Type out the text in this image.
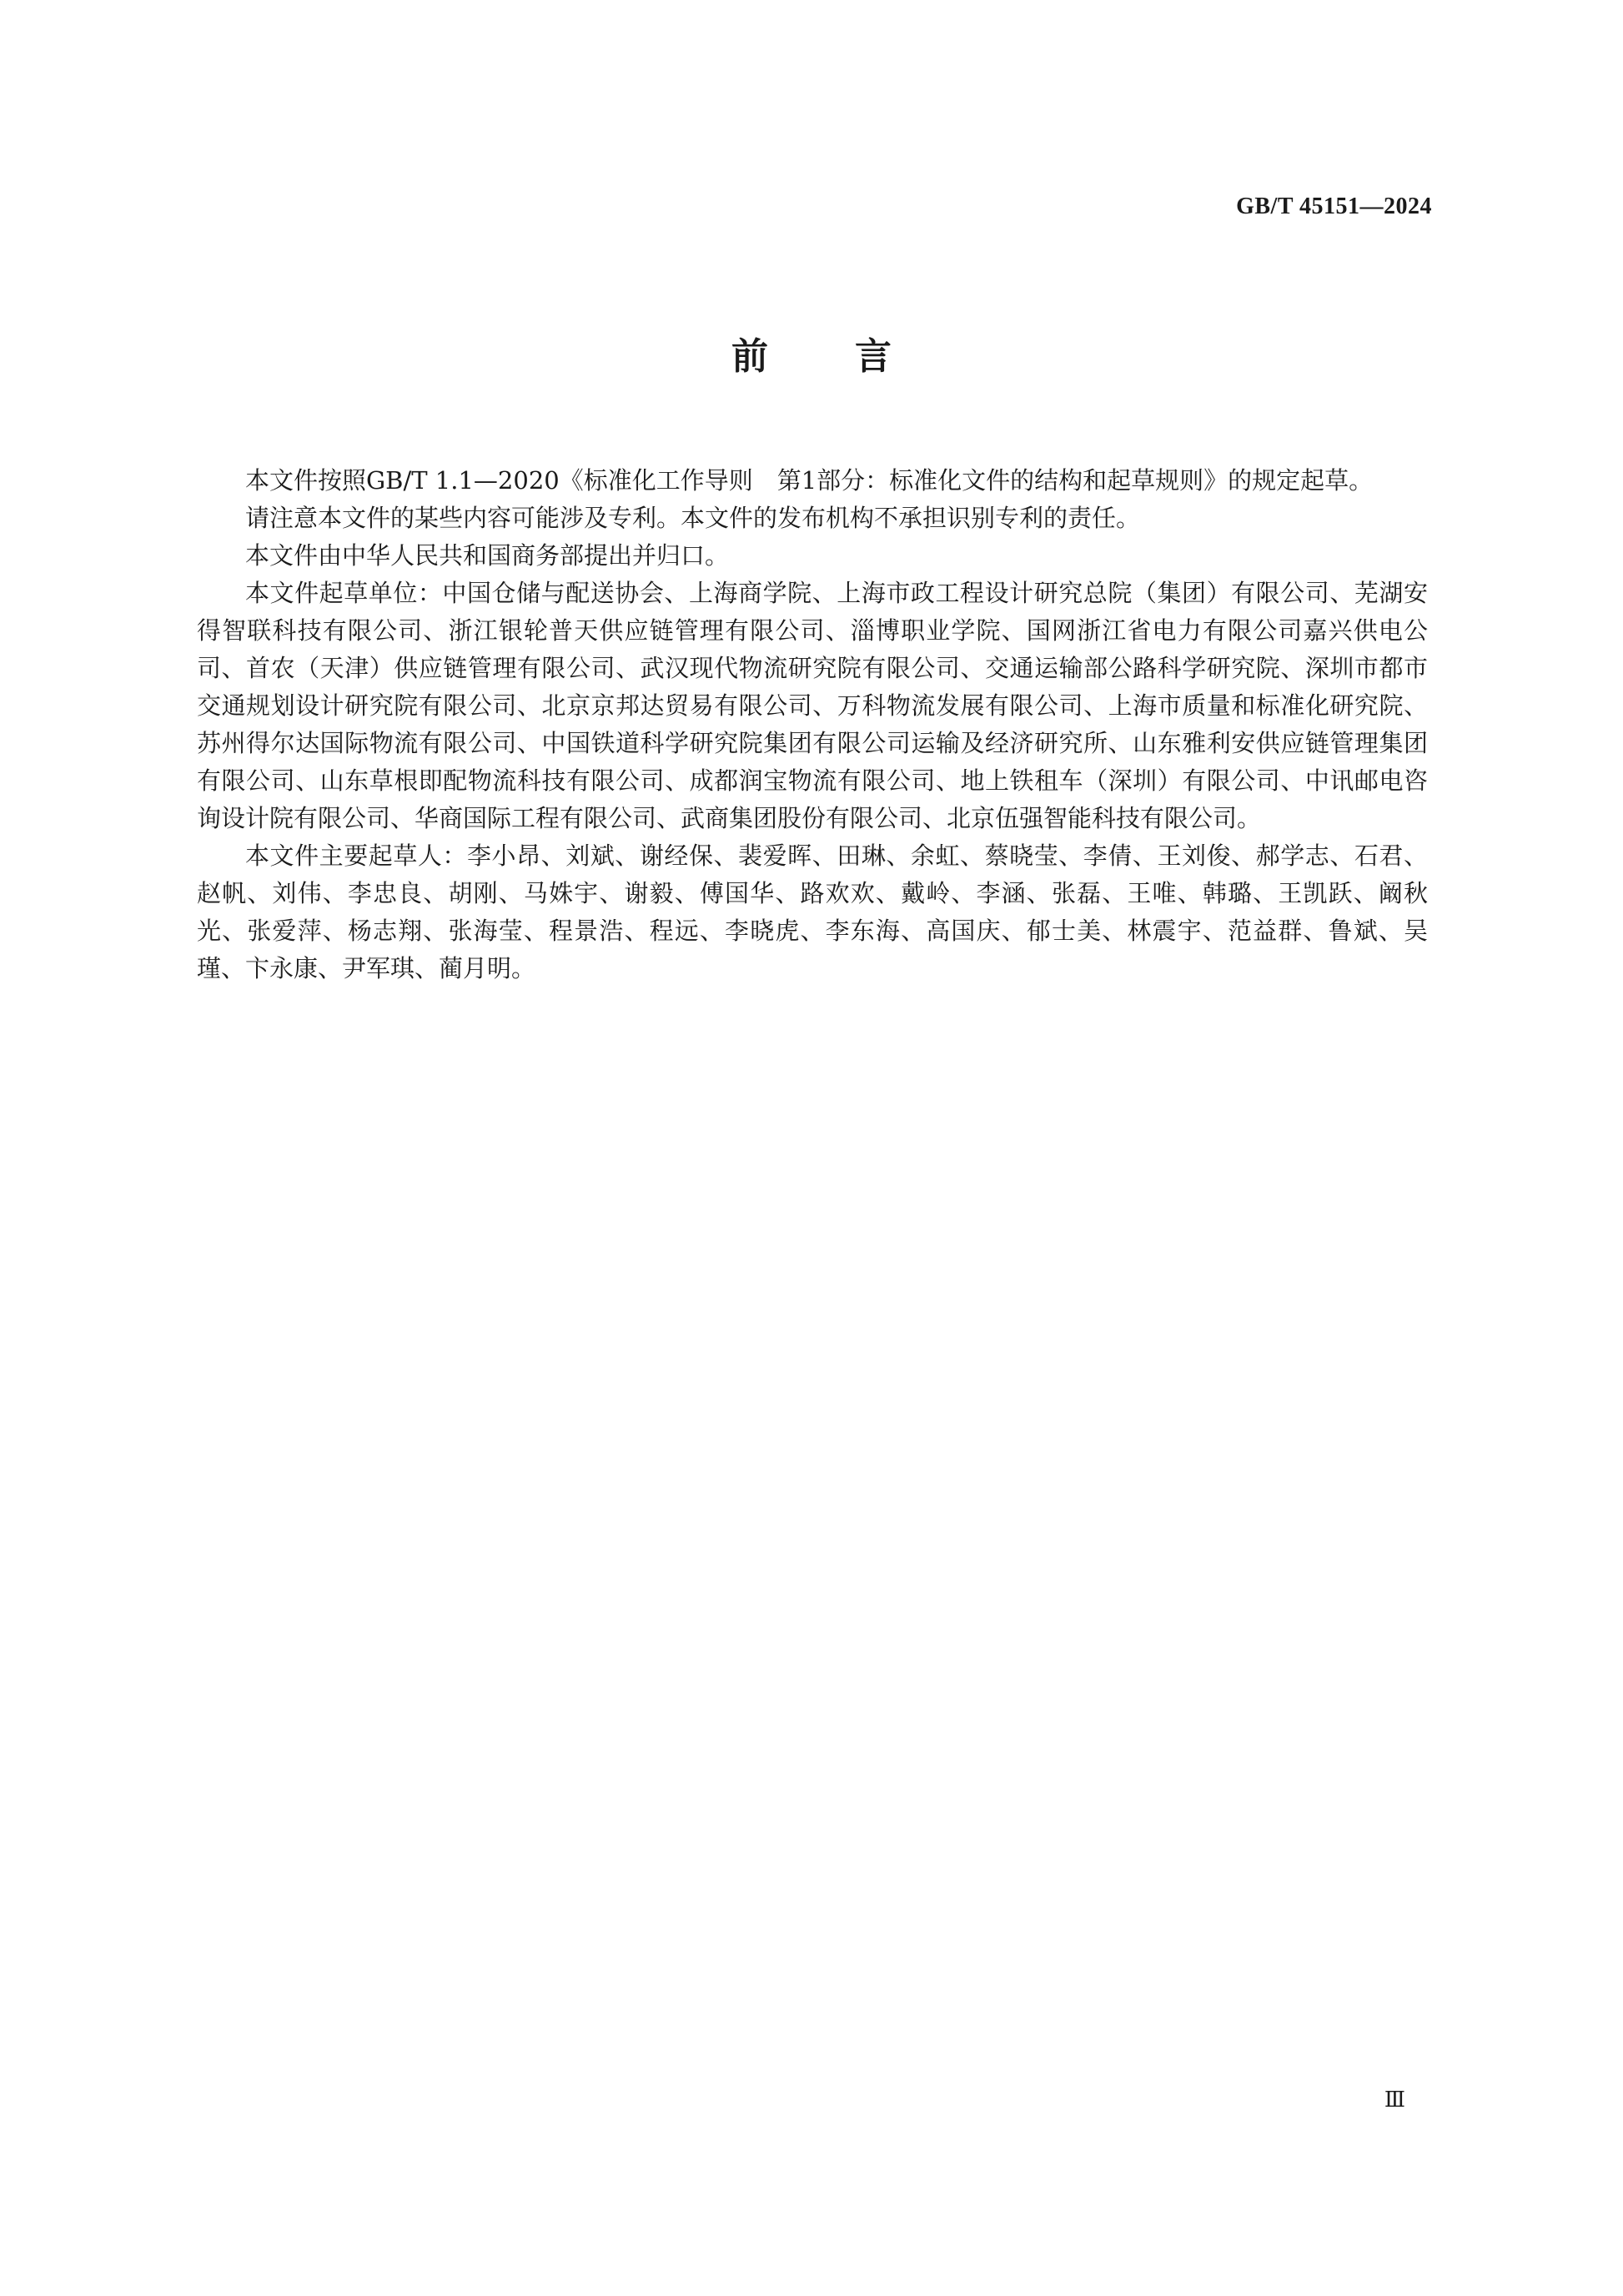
GB/T 45151—2024
前言

本文件按照GB/T 1.1—2020《标准化工作导则　第1部分：标准化文件的结构和起草规则》的规定起草。

请注意本文件的某些内容可能涉及专利。本文件的发布机构不承担识别专利的责任。

本文件由中华人民共和国商务部提出并归口。

本文件起草单位：中国仓储与配送协会、上海商学院、上海市政工程设计研究总院（集团）有限公司、芜湖安得智联科技有限公司、浙江银轮普天供应链管理有限公司、淄博职业学院、国网浙江省电力有限公司嘉兴供电公司、首农（天津）供应链管理有限公司、武汉现代物流研究院有限公司、交通运输部公路科学研究院、深圳市都市交通规划设计研究院有限公司、北京京邦达贸易有限公司、万科物流发展有限公司、上海市质量和标准化研究院、苏州得尔达国际物流有限公司、中国铁道科学研究院集团有限公司运输及经济研究所、山东雅利安供应链管理集团有限公司、山东草根即配物流科技有限公司、成都润宝物流有限公司、地上铁租车（深圳）有限公司、中讯邮电咨询设计院有限公司、华商国际工程有限公司、武商集团股份有限公司、北京伍强智能科技有限公司。

本文件主要起草人：李小昂、刘斌、谢经保、裴爱晖、田琳、余虹、蔡晓莹、李倩、王刘俊、郝学志、石君、赵帆、刘伟、李忠良、胡刚、马姝宇、谢毅、傅国华、路欢欢、戴岭、李涵、张磊、王唯、韩璐、王凯跃、阚秋光、张爱萍、杨志翔、张海莹、程景浩、程远、李晓虎、李东海、高国庆、郁士美、林震宇、范益群、鲁斌、吴瑾、卞永康、尹军琪、蔺月明。

Ⅲ
